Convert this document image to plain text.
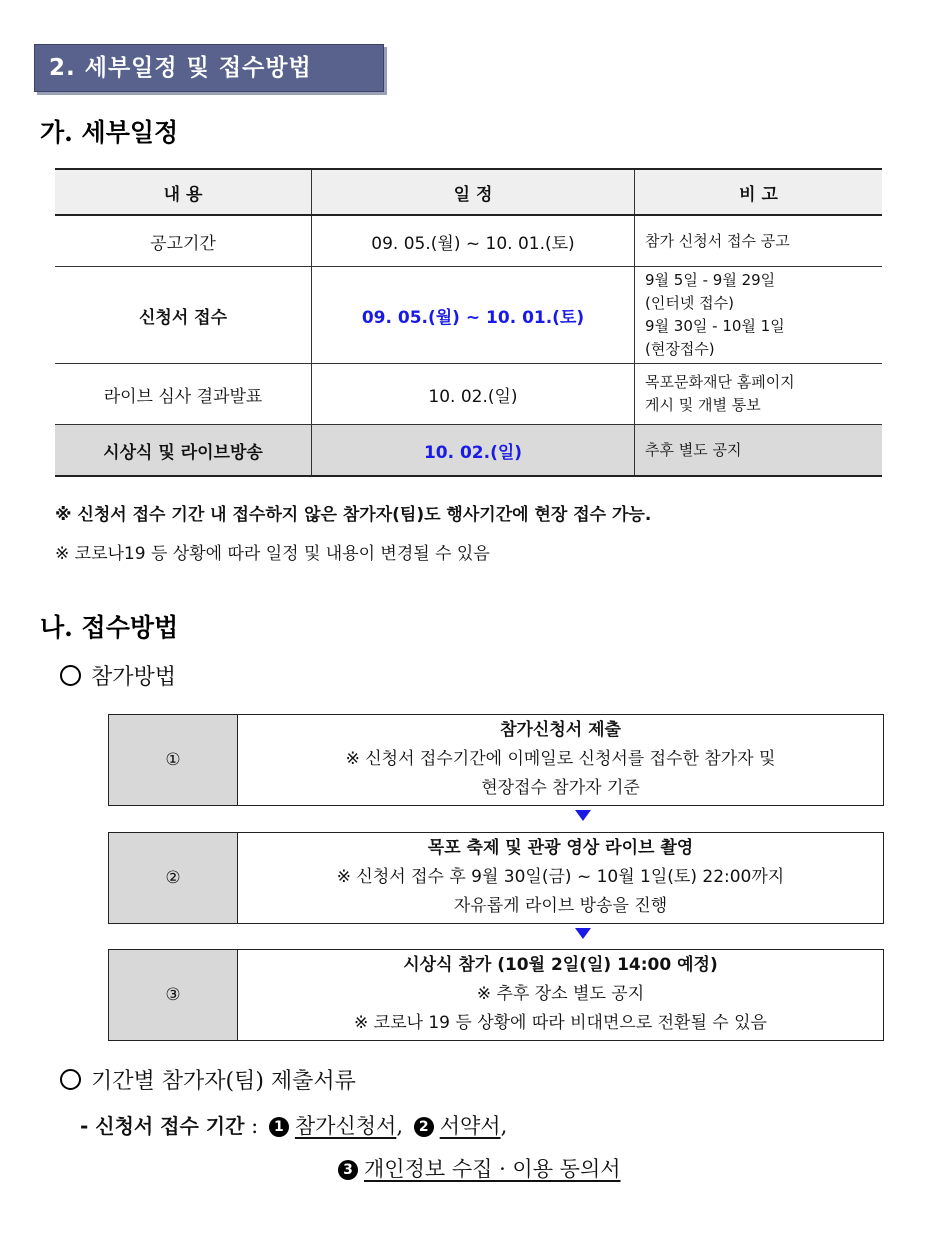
2. 세부일정 및 접수방법
가. 세부일정
내 용	일 정	비 고
공고기간	09. 05.(월) ~ 10. 01.(토)	참가 신청서 접수 공고

신청서 접수	09. 05.(월) ~ 10. 01.(토)	9월 5일 - 9월 29일
(인터넷 접수)
9월 30일 - 10월 1일
(현장접수)

라이브 심사 결과발표	10. 02.(일)	목포문화재단 홈페이지
게시 및 개별 통보

시상식 및 라이브방송	10. 02.(일)	추후 별도 공지
※ 신청서 접수 기간 내 접수하지 않은 참가자(팀)도 행사기간에 현장 접수 가능.
※ 코로나19 등 상황에 따라 일정 및 내용이 변경될 수 있음
나. 접수방법
참가방법
①
참가신청서 제출
※ 신청서 접수기간에 이메일로 신청서를 접수한 참가자 및
현장접수 참가자 기준
②
목포 축제 및 관광 영상 라이브 촬영
※ 신청서 접수 후 9월 30일(금) ~ 10월 1일(토) 22:00까지
자유롭게 라이브 방송을 진행
③
시상식 참가 (10월 2일(일) 14:00 예정)
※ 추후 장소 별도 공지
※ 코로나 19 등 상황에 따라 비대면으로 전환될 수 있음
기간별 참가자(팀) 제출서류
- 신청서 접수 기간 : 1 참가신청서, 2 서약서,
3 개인정보 수집 · 이용 동의서
